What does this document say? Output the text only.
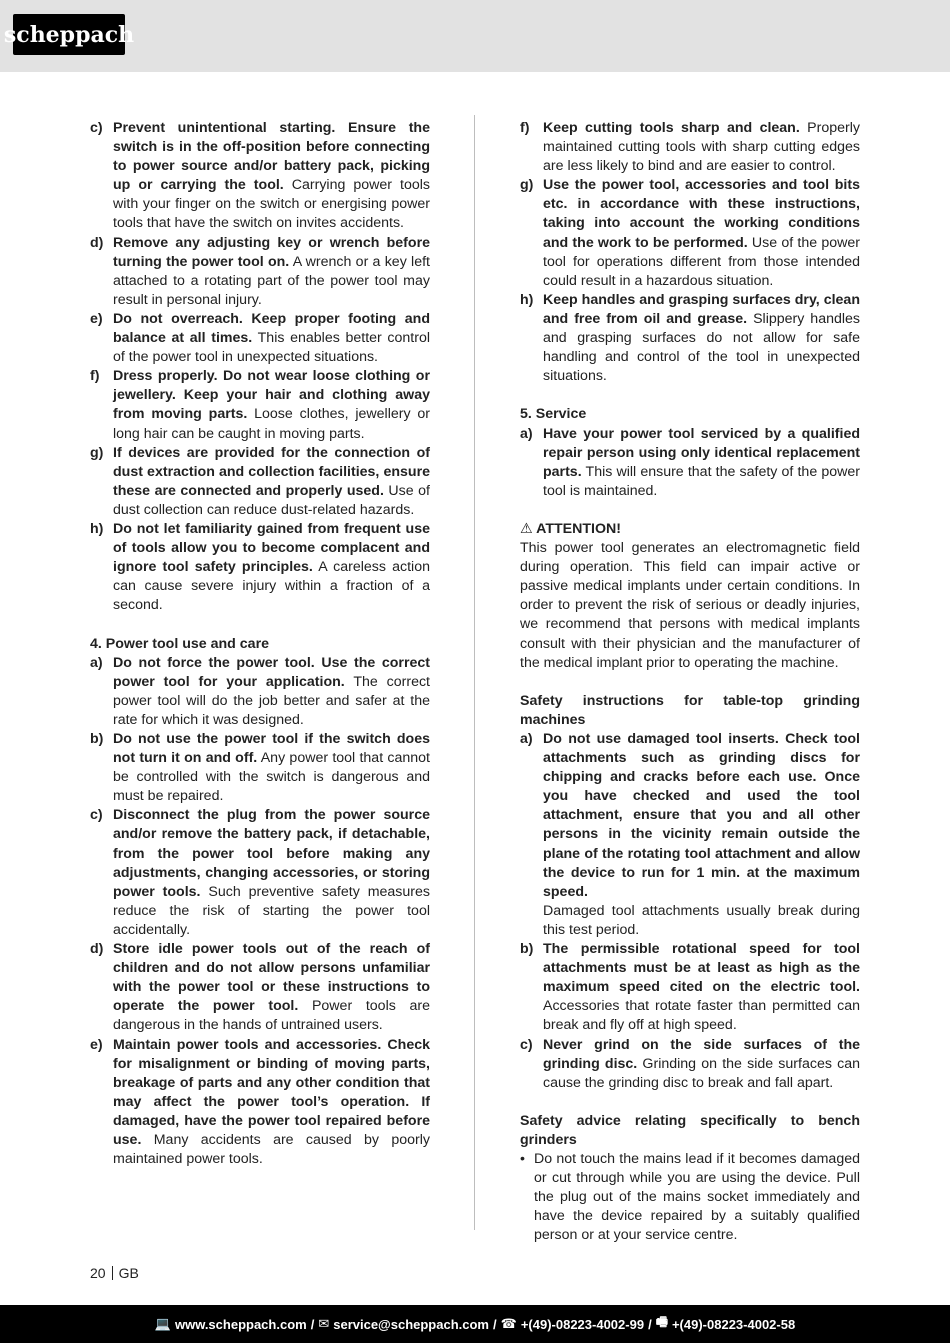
scheppach
c) Prevent unintentional starting. Ensure the switch is in the off-position before connecting to power source and/or battery pack, picking up or carrying the tool. Carrying power tools with your finger on the switch or energising power tools that have the switch on invites accidents.
d) Remove any adjusting key or wrench before turning the power tool on. A wrench or a key left attached to a rotating part of the power tool may result in personal injury.
e) Do not overreach. Keep proper footing and balance at all times. This enables better control of the power tool in unexpected situations.
f) Dress properly. Do not wear loose clothing or jewellery. Keep your hair and clothing away from moving parts. Loose clothes, jewellery or long hair can be caught in moving parts.
g) If devices are provided for the connection of dust extraction and collection facilities, ensure these are connected and properly used. Use of dust collection can reduce dust-related hazards.
h) Do not let familiarity gained from frequent use of tools allow you to become complacent and ignore tool safety principles. A careless action can cause severe injury within a fraction of a second.
4. Power tool use and care
a) Do not force the power tool. Use the correct power tool for your application. The correct power tool will do the job better and safer at the rate for which it was designed.
b) Do not use the power tool if the switch does not turn it on and off. Any power tool that cannot be controlled with the switch is dangerous and must be repaired.
c) Disconnect the plug from the power source and/or remove the battery pack, if detachable, from the power tool before making any adjustments, changing accessories, or storing power tools. Such preventive safety measures reduce the risk of starting the power tool accidentally.
d) Store idle power tools out of the reach of children and do not allow persons unfamiliar with the power tool or these instructions to operate the power tool. Power tools are dangerous in the hands of untrained users.
e) Maintain power tools and accessories. Check for misalignment or binding of moving parts, breakage of parts and any other condition that may affect the power tool’s operation. If damaged, have the power tool repaired before use. Many accidents are caused by poorly maintained power tools.
f) Keep cutting tools sharp and clean. Properly maintained cutting tools with sharp cutting edges are less likely to bind and are easier to control.
g) Use the power tool, accessories and tool bits etc. in accordance with these instructions, taking into account the working conditions and the work to be performed. Use of the power tool for operations different from those intended could result in a hazardous situation.
h) Keep handles and grasping surfaces dry, clean and free from oil and grease. Slippery handles and grasping surfaces do not allow for safe handling and control of the tool in unexpected situations.
5. Service
a) Have your power tool serviced by a qualified repair person using only identical replacement parts. This will ensure that the safety of the power tool is maintained.
⚠ ATTENTION!
This power tool generates an electromagnetic field during operation. This field can impair active or passive medical implants under certain conditions. In order to prevent the risk of serious or deadly injuries, we recommend that persons with medical implants consult with their physician and the manufacturer of the medical implant prior to operating the machine.
Safety instructions for table-top grinding machines
a) Do not use damaged tool inserts. Check tool attachments such as grinding discs for chipping and cracks before each use. Once you have checked and used the tool attachment, ensure that you and all other persons in the vicinity remain outside the plane of the rotating tool attachment and allow the device to run for 1 min. at the maximum speed.
Damaged tool attachments usually break during this test period.
b) The permissible rotational speed for tool attachments must be at least as high as the maximum speed cited on the electric tool. Accessories that rotate faster than permitted can break and fly off at high speed.
c) Never grind on the side surfaces of the grinding disc. Grinding on the side surfaces can cause the grinding disc to break and fall apart.
Safety advice relating specifically to bench grinders
• Do not touch the mains lead if it becomes damaged or cut through while you are using the device. Pull the plug out of the mains socket immediately and have the device repaired by a suitably qualified person or at your service centre.
20 GB
💻 www.scheppach.com / ✉ service@scheppach.com / ☎ +(49)-08223-4002-99 / 🖷 +(49)-08223-4002-58
